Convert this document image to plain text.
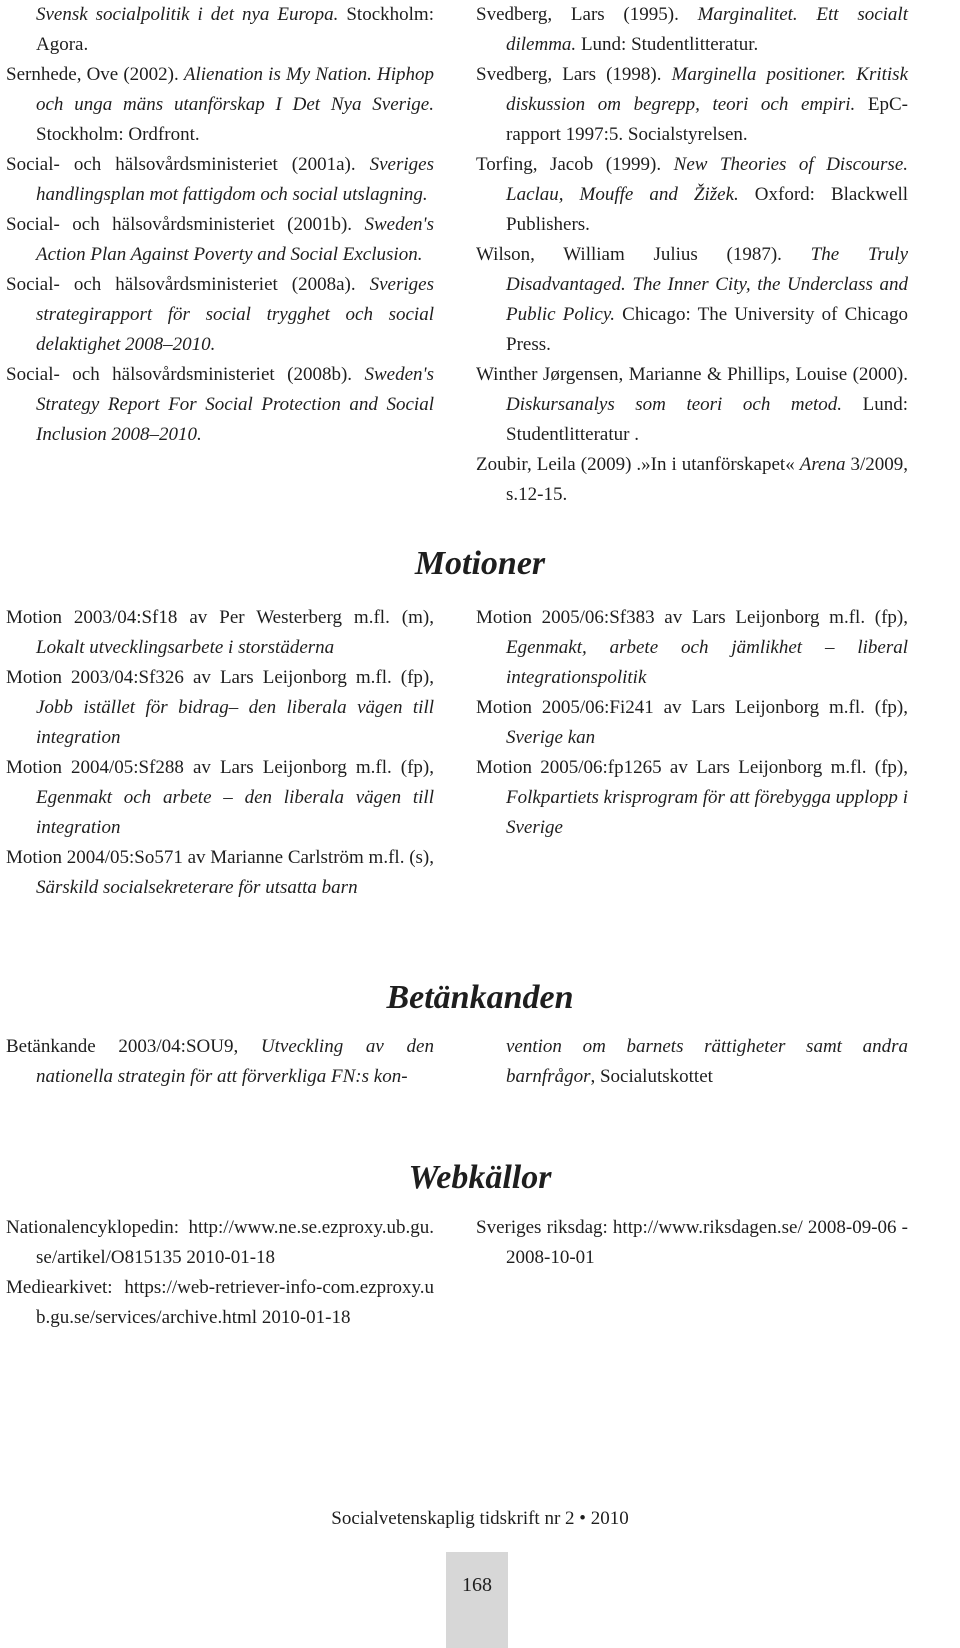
Svensk socialpolitik i det nya Europa. Stockholm: Agora.

Sernhede, Ove (2002). Alienation is My Nation. Hiphop och unga mäns utanförskap I Det Nya Sverige. Stockholm: Ordfront.

Social- och hälsovårdsministeriet (2001a). Sveriges handlingsplan mot fattigdom och social utslagning.

Social- och hälsovårdsministeriet (2001b). Sweden's Action Plan Against Poverty and Social Exclusion.

Social- och hälsovårdsministeriet (2008a). Sveriges strategirapport för social trygghet och social delaktighet 2008–2010.

Social- och hälsovårdsministeriet (2008b). Sweden's Strategy Report For Social Protection and Social Inclusion 2008–2010.

Svedberg, Lars (1995). Marginalitet. Ett socialt dilemma. Lund: Studentlitteratur.

Svedberg, Lars (1998). Marginella positioner. Kritisk diskussion om begrepp, teori och empiri. EpC-rapport 1997:5. Socialstyrelsen.

Torfing, Jacob (1999). New Theories of Discourse. Laclau, Mouffe and Žižek. Oxford: Blackwell Publishers.

Wilson, William Julius (1987). The Truly Disadvantaged. The Inner City, the Underclass and Public Policy. Chicago: The University of Chicago Press.

Winther Jørgensen, Marianne & Phillips, Louise (2000). Diskursanalys som teori och metod. Lund: Studentlitteratur .

Zoubir, Leila (2009) .»In i utanförskapet« Arena 3/2009, s.12-15.

Motioner

Motion 2003/04:Sf18 av Per Westerberg m.fl. (m), Lokalt utvecklingsarbete i storstäderna

Motion 2003/04:Sf326 av Lars Leijonborg m.fl. (fp), Jobb istället för bidrag– den liberala vägen till integration

Motion 2004/05:Sf288 av Lars Leijonborg m.fl. (fp), Egenmakt och arbete – den liberala vägen till integration

Motion 2004/05:So571 av Marianne Carlström m.fl. (s), Särskild socialsekreterare för utsatta barn

Motion 2005/06:Sf383 av Lars Leijonborg m.fl. (fp), Egenmakt, arbete och jämlikhet – liberal integrationspolitik

Motion 2005/06:Fi241 av Lars Leijonborg m.fl. (fp), Sverige kan

Motion 2005/06:fp1265 av Lars Leijonborg m.fl. (fp), Folkpartiets krisprogram för att förebygga upplopp i Sverige

Betänkanden

Betänkande 2003/04:SOU9, Utveckling av den nationella strategin för att förverkliga FN:s kon-

vention om barnets rättigheter samt andra barnfrågor, Socialutskottet

Webkällor

Nationalencyklopedin: http://www.ne.se.ezproxy.ub.gu.se/artikel/O815135 2010-01-18

Mediearkivet: https://web-retriever-info-com.ezproxy.ub.gu.se/services/archive.html 2010-01-18

Sveriges riksdag: http://www.riksdagen.se/ 2008-09-06 - 2008-10-01

Socialvetenskaplig tidskrift nr 2 • 2010
168
